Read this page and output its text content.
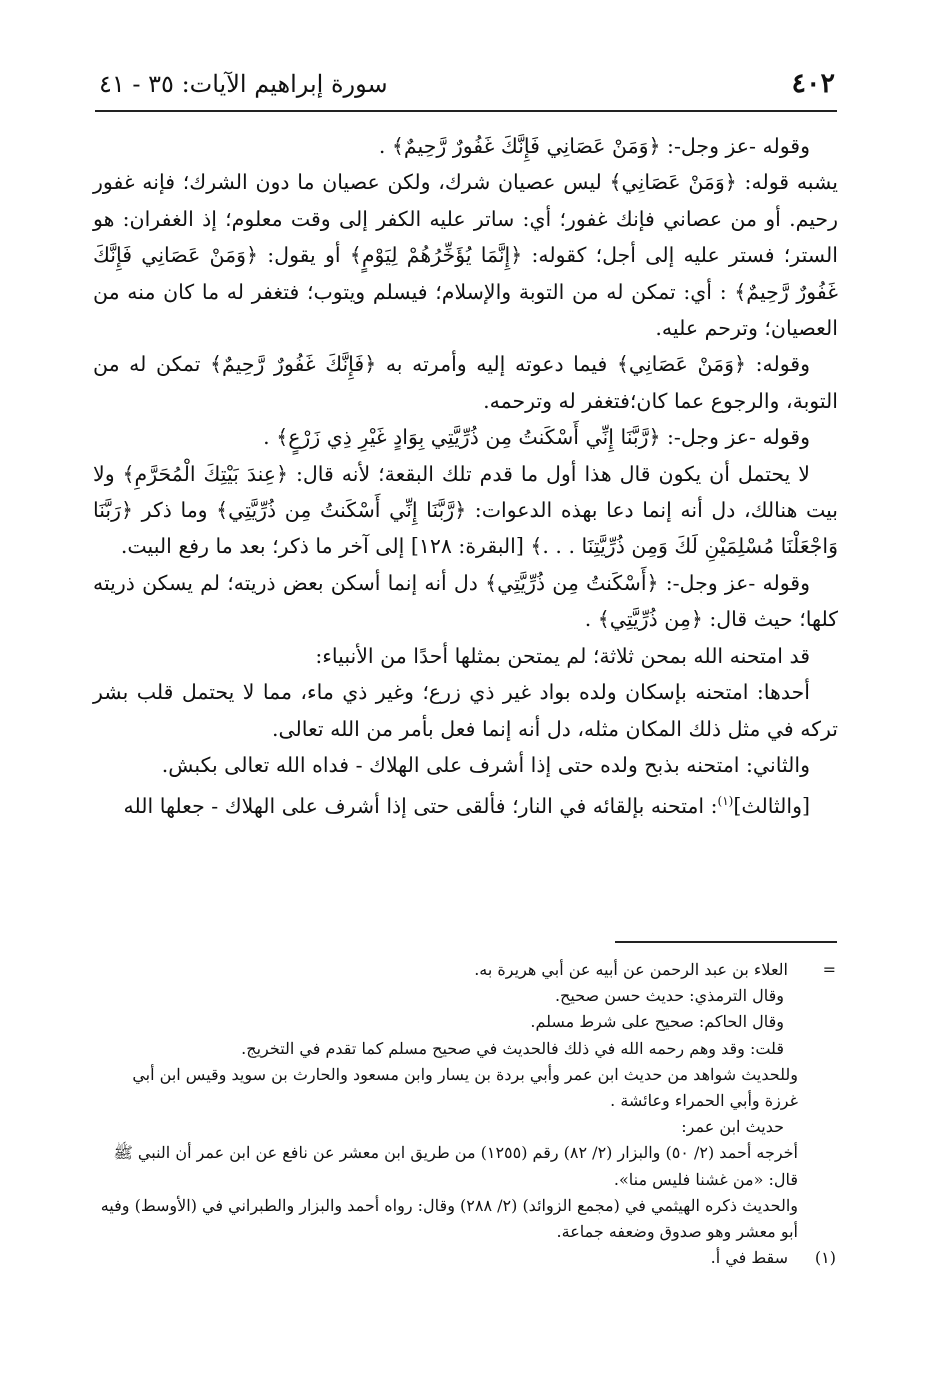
٤٠٢
سورة إبراهيم الآيات: ٣٥ - ٤١

وقوله -عز وجل-: ﴿وَمَنْ عَصَانِي فَإِنَّكَ غَفُورٌ رَّحِيمٌ﴾ .

يشبه قوله: ﴿وَمَنْ عَصَانِي﴾ ليس عصيان شرك، ولكن عصيان ما دون الشرك؛ فإنه غفور رحيم. أو من عصاني فإنك غفور؛ أي: ساتر عليه الكفر إلى وقت معلوم؛ إذ الغفران: هو الستر؛ فستر عليه إلى أجل؛ كقوله: ﴿إِنَّمَا يُؤَخِّرُهُمْ لِيَوْمٍ﴾ أو يقول: ﴿وَمَنْ عَصَانِي فَإِنَّكَ غَفُورٌ رَّحِيمٌ﴾ : أي: تمكن له من التوبة والإسلام؛ فيسلم ويتوب؛ فتغفر له ما كان منه من العصيان؛ وترحم عليه.

وقوله: ﴿وَمَنْ عَصَانِي﴾ فيما دعوته إليه وأمرته به ﴿فَإِنَّكَ غَفُورٌ رَّحِيمٌ﴾ تمكن له من التوبة، والرجوع عما كان؛فتغفر له وترحمه.

وقوله -عز وجل-: ﴿رَّبَّنَا إِنِّي أَسْكَنتُ مِن ذُرِّيَّتِي بِوَادٍ غَيْرِ ذِي زَرْعٍ﴾ .

لا يحتمل أن يكون قال هذا أول ما قدم تلك البقعة؛ لأنه قال: ﴿عِندَ بَيْتِكَ الْمُحَرَّمِ﴾ ولا بيت هنالك، دل أنه إنما دعا بهذه الدعوات: ﴿رَّبَّنَا إِنِّي أَسْكَنتُ مِن ذُرِّيَّتِي﴾ وما ذكر ﴿رَبَّنَا وَاجْعَلْنَا مُسْلِمَيْنِ لَكَ وَمِن ذُرِّيَّتِنَا . . .﴾ [البقرة: ١٢٨] إلى آخر ما ذكر؛ بعد ما رفع البيت.

وقوله -عز وجل-: ﴿أَسْكَنتُ مِن ذُرِّيَّتِي﴾ دل أنه إنما أسكن بعض ذريته؛ لم يسكن ذريته كلها؛ حيث قال: ﴿مِن ذُرِّيَّتِي﴾ .

قد امتحنه الله بمحن ثلاثة؛ لم يمتحن بمثلها أحدًا من الأنبياء:

أحدها: امتحنه بإسكان ولده بواد غير ذي زرع؛ وغير ذي ماء، مما لا يحتمل قلب بشر تركه في مثل ذلك المكان مثله، دل أنه إنما فعل بأمر من الله تعالى.

والثاني: امتحنه بذبح ولده حتى إذا أشرف على الهلاك - فداه الله تعالى بكبش.

[والثالث]$^{(١)}$: امتحنه بإلقائه في النار؛ فألقى حتى إذا أشرف على الهلاك - جعلها الله

=العلاء بن عبد الرحمن عن أبيه عن أبي هريرة به.

وقال الترمذي: حديث حسن صحيح.

وقال الحاكم: صحيح على شرط مسلم.

قلت: وقد وهم رحمه الله في ذلك فالحديث في صحيح مسلم كما تقدم في التخريج.

وللحديث شواهد من حديث ابن عمر وأبي بردة بن يسار وابن مسعود والحارث بن سويد وقيس ابن أبي غرزة وأبي الحمراء وعائشة .

حديث ابن عمر:

أخرجه أحمد (٢/ ٥٠) والبزار (٢/ ٨٢) رقم (١٢٥٥) من طريق ابن معشر عن نافع عن ابن عمر أن النبي ﷺ قال: «من غشنا فليس منا».

والحديث ذكره الهيثمي في (مجمع الزوائد) (٢/ ٢٨٨) وقال: رواه أحمد والبزار والطبراني في (الأوسط) وفيه أبو معشر وهو صدوق وضعفه جماعة.

(١)سقط في أ.
